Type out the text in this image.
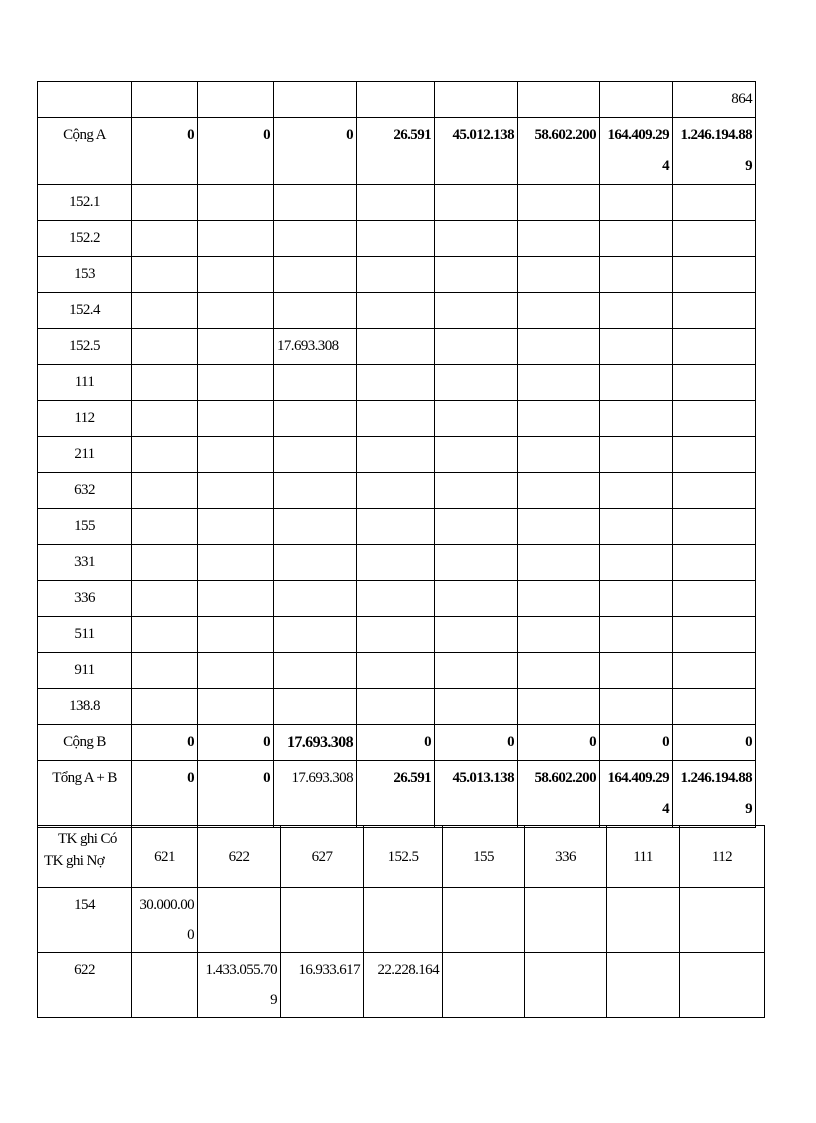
								864
Cộng A	0	0	0	26.591	45.012.138	58.602.200	164.409.294	1.246.194.889
152.1								
152.2								
153								
152.4								
152.5			17.693.308					
111								
112								
211								
632								
155								
331								
336								
511								
911								
138.8								
Cộng B	0	0	17.693.308	0	0	0	0	0
Tổng A + B	0	0	17.693.308	26.591	45.013.138	58.602.200	164.409.294	1.246.194.889
TK ghi Có
TK ghi Nợ	621	622	627	152.5	155	336	111	112
154	30.000.000							
622		1.433.055.709	16.933.617	22.228.164				
